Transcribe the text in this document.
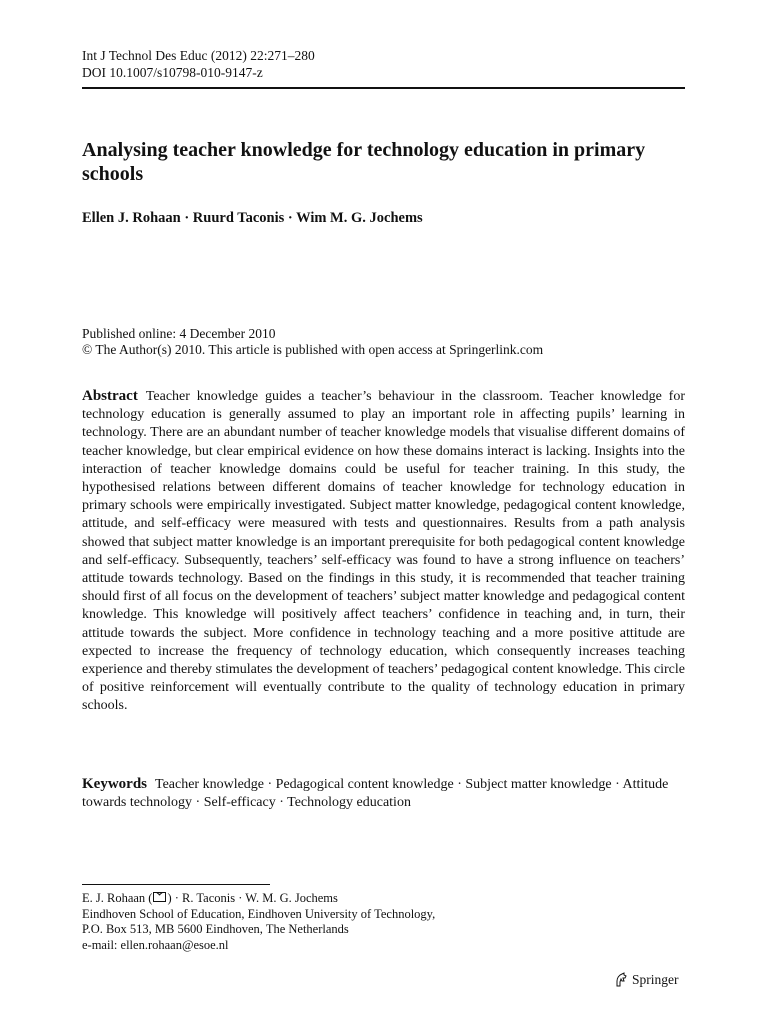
Int J Technol Des Educ (2012) 22:271–280
DOI 10.1007/s10798-010-9147-z
Analysing teacher knowledge for technology education in primary schools
Ellen J. Rohaan · Ruurd Taconis · Wim M. G. Jochems
Published online: 4 December 2010
© The Author(s) 2010. This article is published with open access at Springerlink.com

Abstract Teacher knowledge guides a teacher’s behaviour in the classroom. Teacher knowledge for technology education is generally assumed to play an important role in affecting pupils’ learning in technology. There are an abundant number of teacher knowledge models that visualise different domains of teacher knowledge, but clear empirical evidence on how these domains interact is lacking. Insights into the interaction of teacher knowledge domains could be useful for teacher training. In this study, the hypothesised relations between different domains of teacher knowledge for technology education in primary schools were empirically investigated. Subject matter knowledge, pedagogical content knowledge, attitude, and self-efficacy were measured with tests and questionnaires. Results from a path analysis showed that subject matter knowledge is an important prerequisite for both pedagogical content knowledge and self-efficacy. Subsequently, teachers’ self-efficacy was found to have a strong influence on teachers’ attitude towards technology. Based on the findings in this study, it is recommended that teacher training should first of all focus on the development of teachers’ subject matter knowledge and pedagogical content knowledge. This knowledge will positively affect teachers’ confidence in teaching and, in turn, their attitude towards the subject. More confidence in technology teaching and a more positive attitude are expected to increase the frequency of technology education, which consequently increases teaching experience and thereby stimulates the development of teachers’ pedagogical content knowledge. This circle of positive reinforcement will eventually contribute to the quality of technology education in primary schools.

Keywords Teacher knowledge · Pedagogical content knowledge · Subject matter knowledge · Attitude towards technology · Self-efficacy · Technology education

E. J. Rohaan ( ) · R. Taconis · W. M. G. Jochems
Eindhoven School of Education, Eindhoven University of Technology,
P.O. Box 513, MB 5600 Eindhoven, The Netherlands
e-mail: ellen.rohaan@esoe.nl
Springer
